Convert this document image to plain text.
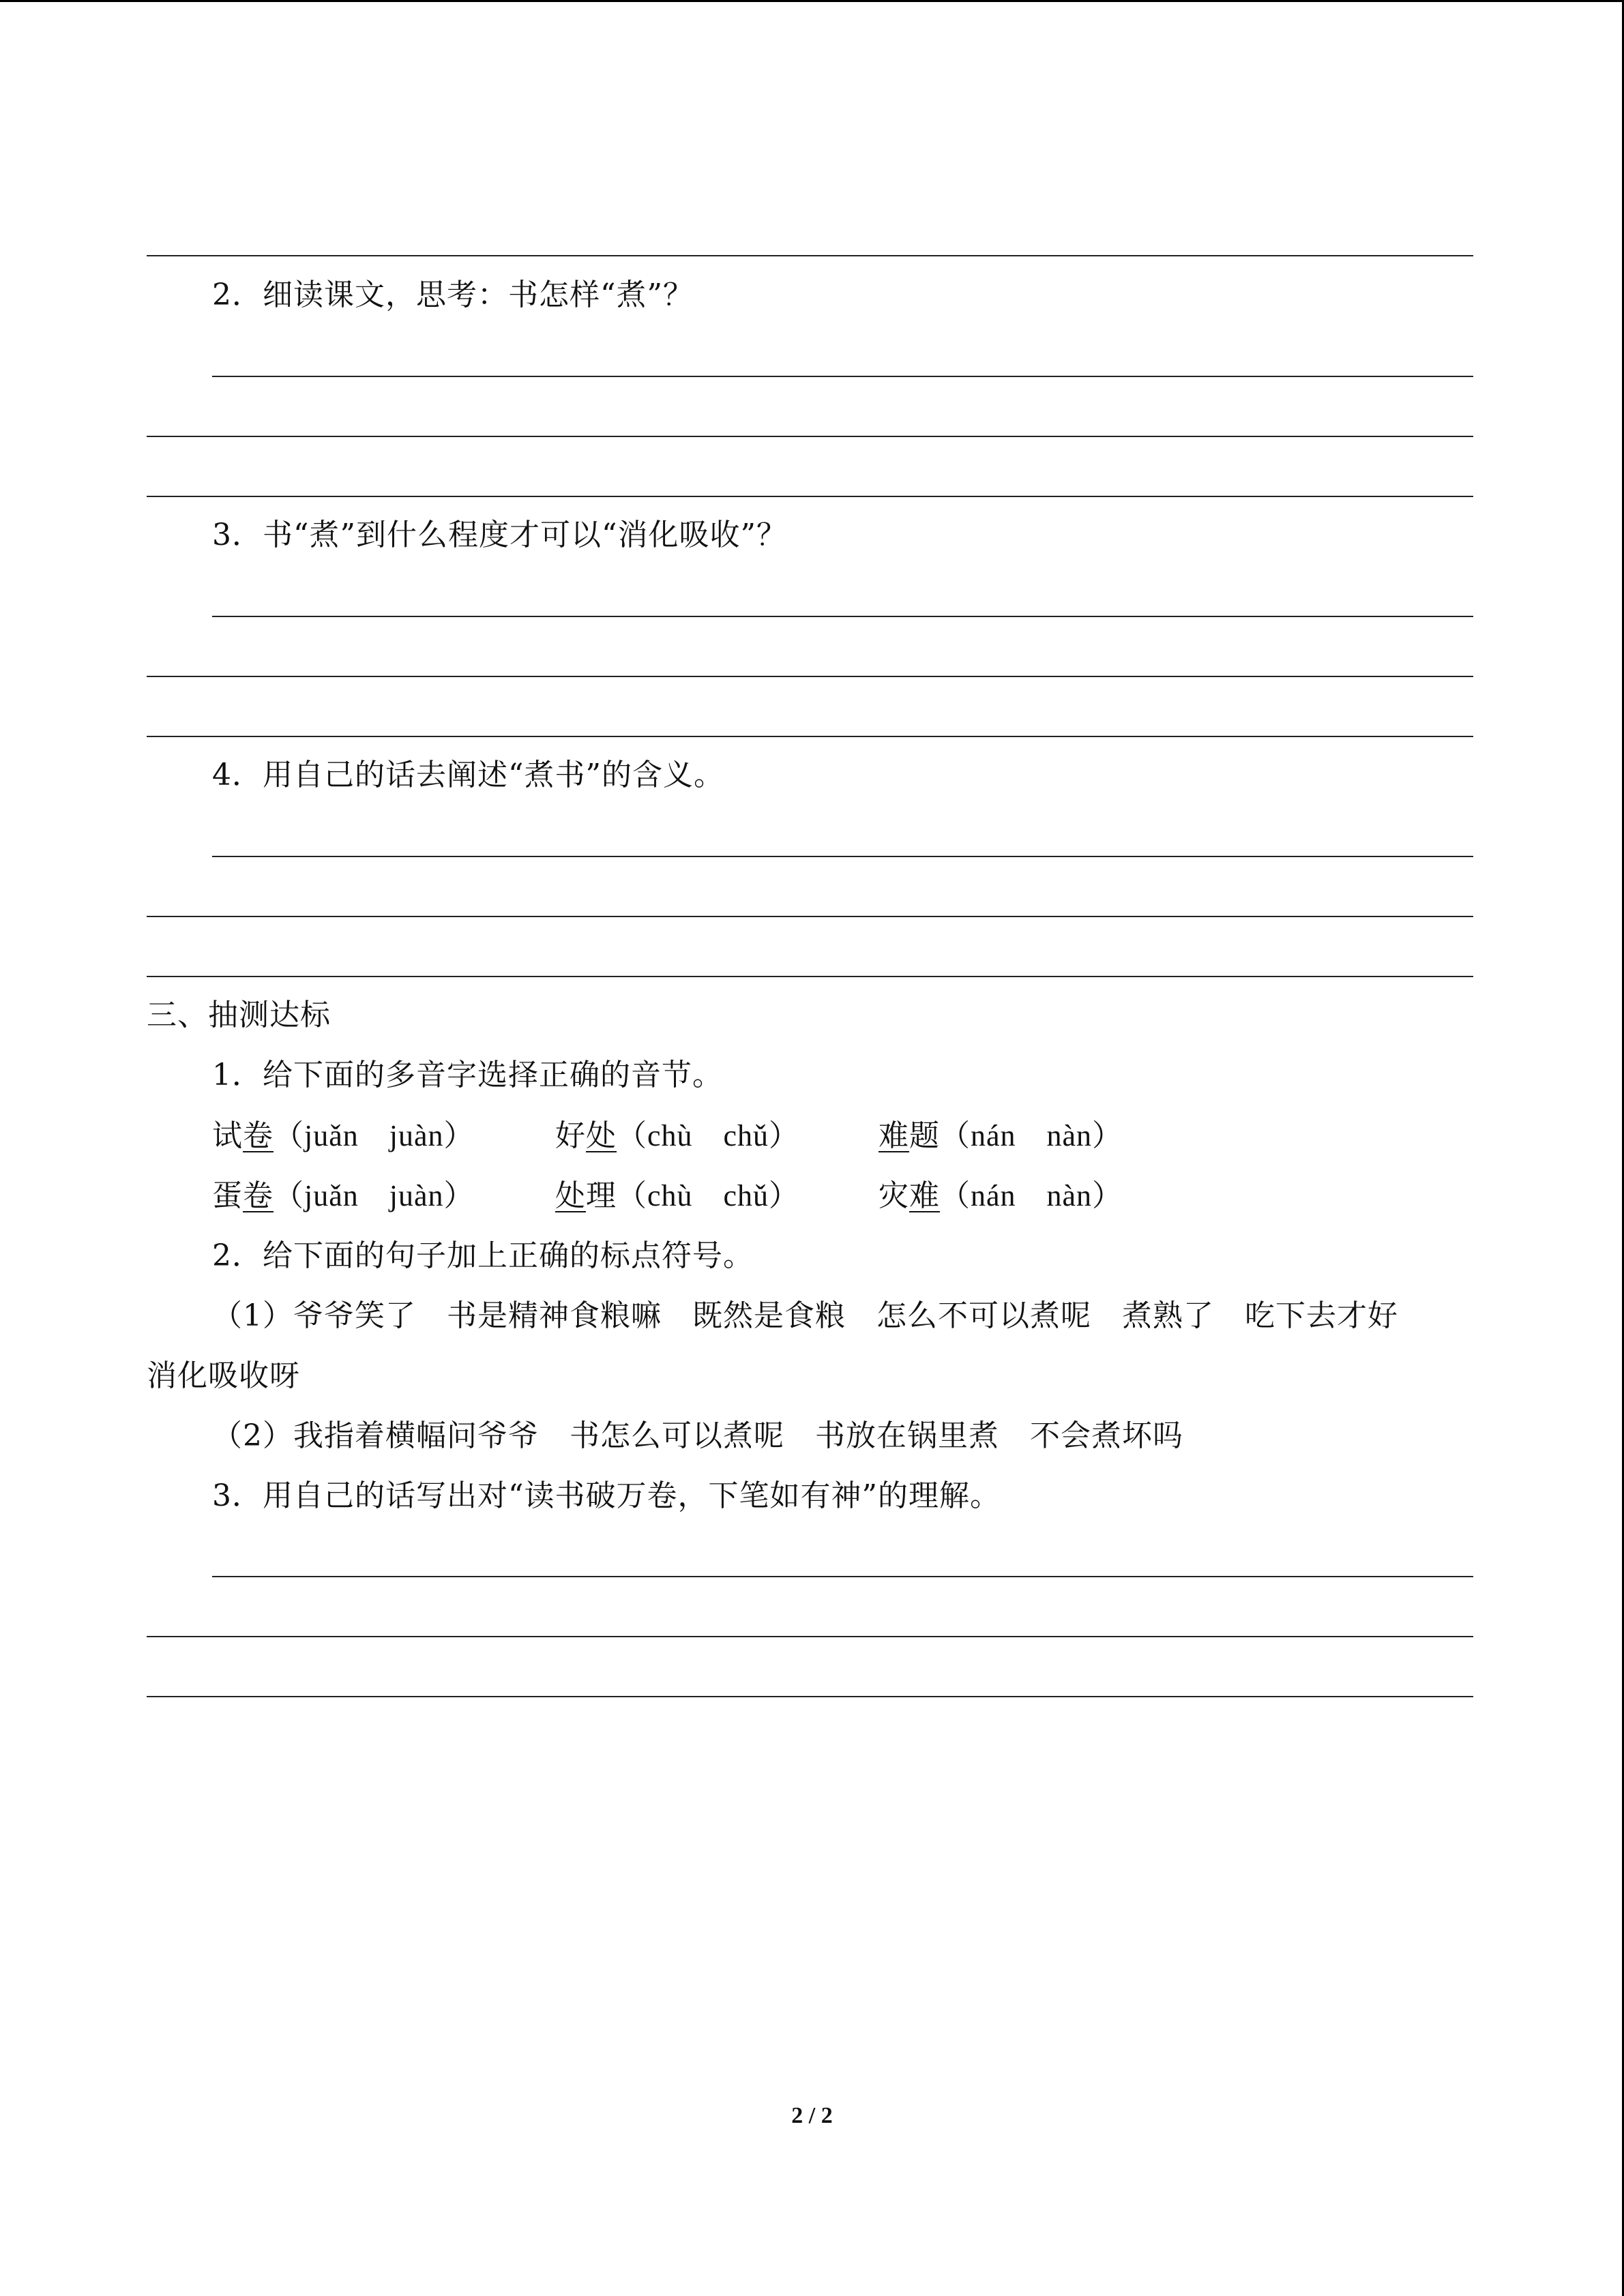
2．细读课文，思考：书怎样“煮”？
3．书“煮”到什么程度才可以“消化吸收”？
4．用自己的话去阐述“煮书”的含义。
三、抽测达标
1．给下面的多音字选择正确的音节。
试卷（juǎn　juàn）	好处（chù　chǔ）	难题（nán　nàn）
蛋卷（juǎn　juàn）	处理（chù　chǔ）	灾难（nán　nàn）
2．给下面的句子加上正确的标点符号。
（1）爷爷笑了　书是精神食粮嘛　既然是食粮　怎么不可以煮呢　煮熟了　吃下去才好
消化吸收呀
（2）我指着横幅问爷爷　书怎么可以煮呢　书放在锅里煮　不会煮坏吗
3．用自己的话写出对“读书破万卷，下笔如有神”的理解。
2 / 2
